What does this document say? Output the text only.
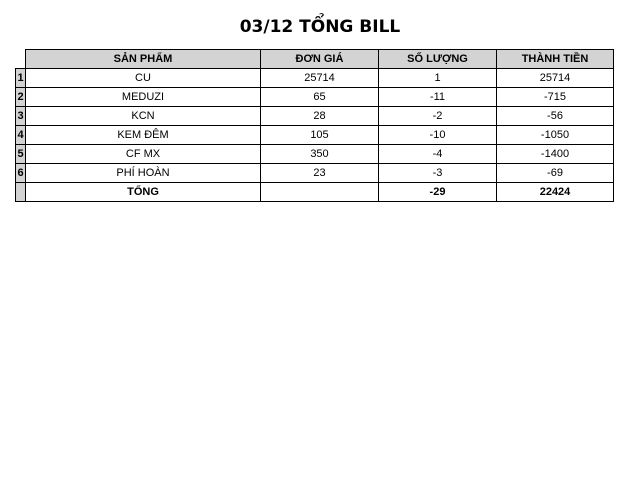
03/12 TỔNG BILL
	SẢN PHẨM	ĐƠN GIÁ	SỐ LƯỢNG	THÀNH TIỀN
1	CU	25714	1	25714
2	MEDUZI	65	-11	-715
3	KCN	28	-2	-56
4	KEM ĐÊM	105	-10	-1050
5	CF MX	350	-4	-1400
6	PHÍ HOÀN	23	-3	-69
	TỔNG		-29	22424
